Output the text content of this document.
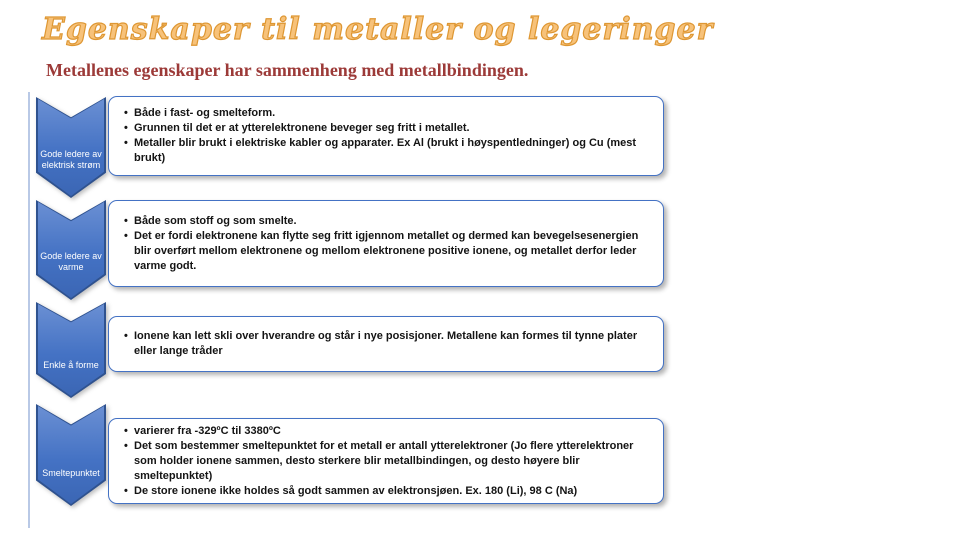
Egenskaper til metaller og legeringer
Metallenes egenskaper har sammenheng med metallbindingen.
Gode ledere av elektrisk strøm
• Både i fast- og smelteform.
• Grunnen til det er at ytterelektronene beveger seg fritt i metallet.
• Metaller blir brukt i elektriske kabler og apparater. Ex Al (brukt i høyspentledninger) og Cu (mest brukt)
Gode ledere av varme
• Både som stoff og som smelte.
• Det er fordi elektronene kan flytte seg fritt igjennom metallet og dermed kan bevegelsesenergien blir overført mellom elektronene og mellom elektronene positive ionene, og metallet derfor leder varme godt.
Enkle å forme
• Ionene kan lett skli over hverandre og står i nye posisjoner. Metallene kan formes til tynne plater eller lange tråder
Smeltepunktet
• varierer fra -329ºC til 3380ºC
• Det som bestemmer smeltepunktet for et metall er antall ytterelektroner (Jo flere ytterelektroner som holder ionene sammen, desto sterkere blir metallbindingen, og desto høyere blir smeltepunktet)
• De store ionene ikke holdes så godt sammen av elektronsjøen. Ex. 180 (Li), 98 C (Na)
